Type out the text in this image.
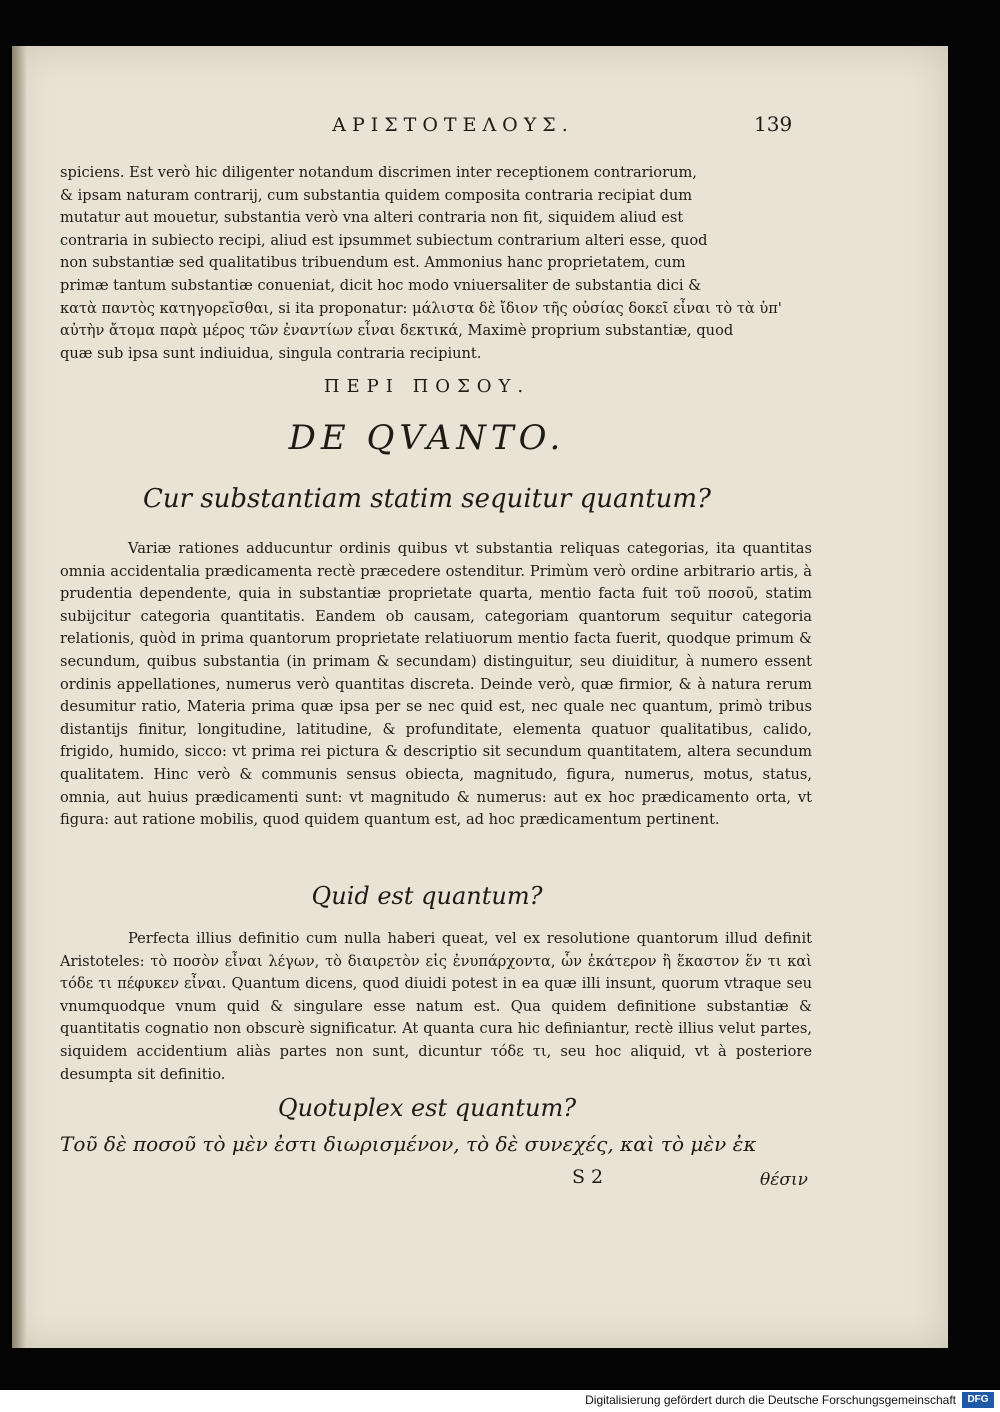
ΑΡΙΣΤΟΤΕΛΟΥΣ.	139

spiciens. Est verò hic diligenter notandum discrimen inter receptionem contrariorum,

& ipsam naturam contrarij, cum substantia quidem composita contraria recipiat dum

mutatur aut mouetur, substantia verò vna alteri contraria non fit, siquidem aliud est

contraria in subiecto recipi, aliud est ipsummet subiectum contrarium alteri esse, quod

non substantiæ sed qualitatibus tribuendum est. Ammonius hanc proprietatem, cum

primæ tantum substantiæ conueniat, dicit hoc modo vniuersaliter de substantia dici &

κατὰ παντὸς κατηγορεῖσθαι, si ita proponatur: μάλιστα δὲ ἴδιον τῆς οὐσίας δοκεῖ εἶναι τὸ τὰ ὑπ'

αὐτὴν ἄτομα παρὰ μέρος τῶν ἐναντίων εἶναι δεκτικά, Maximè proprium substantiæ, quod

quæ sub ipsa sunt indiuidua, singula contraria recipiunt.

ΠΕΡΙ ΠΟΣΟΥ.
DE QVANTO.
Cur substantiam statim sequitur quantum?
Variæ rationes adducuntur ordinis quibus vt substantia reliquas categorias, ita quantitas omnia accidentalia prædicamenta rectè præcedere ostenditur. Primùm verò ordine arbitrario artis, à prudentia dependente, quia in substantiæ proprietate quarta, mentio facta fuit τοῦ ποσοῦ, statim subijcitur categoria quantitatis. Eandem ob causam, categoriam quantorum sequitur categoria relationis, quòd in prima quantorum proprietate relatiuorum mentio facta fuerit, quodque primum & secundum, quibus substantia (in primam & secundam) distinguitur, seu diuiditur, à numero essent ordinis appellationes, numerus verò quantitas discreta. Deinde verò, quæ firmior, & à natura rerum desumitur ratio, Materia prima quæ ipsa per se nec quid est, nec quale nec quantum, primò tribus distantijs finitur, longitudine, latitudine, & profunditate, elementa quatuor qualitatibus, calido, frigido, humido, sicco: vt prima rei pictura & descriptio sit secundum quantitatem, altera secundum qualitatem. Hinc verò & communis sensus obiecta, magnitudo, figura, numerus, motus, status, omnia, aut huius prædicamenti sunt: vt magnitudo & numerus: aut ex hoc prædicamento orta, vt figura: aut ratione mobilis, quod quidem quantum est, ad hoc prædicamentum pertinent.
Quid est quantum?
Perfecta illius definitio cum nulla haberi queat, vel ex resolutione quantorum illud definit Aristoteles: τὸ ποσὸν εἶναι λέγων, τὸ διαιρετὸν εἰς ἐνυπάρχοντα, ὧν ἑκάτερον ἢ ἕκαστον ἕν τι καὶ τόδε τι πέφυκεν εἶναι. Quantum dicens, quod diuidi potest in ea quæ illi insunt, quorum vtraque seu vnumquodque vnum quid & singulare esse natum est. Qua quidem definitione substantiæ & quantitatis cognatio non obscurè significatur. At quanta cura hic definiantur, rectè illius velut partes, siquidem accidentium aliàs partes non sunt, dicuntur τόδε τι, seu hoc aliquid, vt à posteriore desumpta sit definitio.
Quotuplex est quantum?
Τοῦ δὲ ποσοῦ τὸ μὲν ἐστι διωρισμένον, τὸ δὲ συνεχές, καὶ τὸ μὲν ἐκ
S 2	θέσιν
Digitalisierung gefördert durch die Deutsche Forschungsgemeinschaft	DFG
